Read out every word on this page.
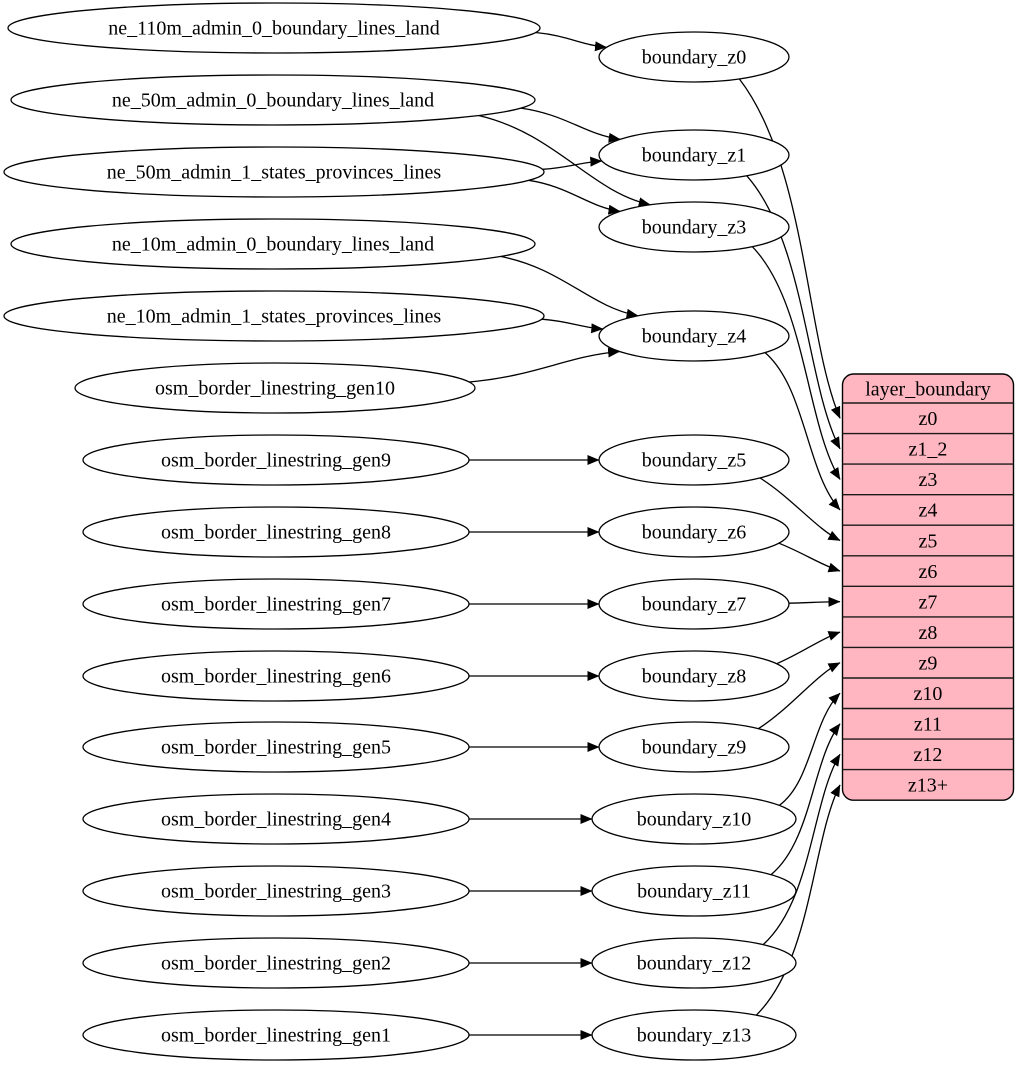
ne_110m_admin_0_boundary_lines_land
ne_50m_admin_0_boundary_lines_land
ne_50m_admin_1_states_provinces_lines
ne_10m_admin_0_boundary_lines_land
ne_10m_admin_1_states_provinces_lines
osm_border_linestring_gen10
osm_border_linestring_gen9
osm_border_linestring_gen8
osm_border_linestring_gen7
osm_border_linestring_gen6
osm_border_linestring_gen5
osm_border_linestring_gen4
osm_border_linestring_gen3
osm_border_linestring_gen2
osm_border_linestring_gen1
boundary_z0
boundary_z1
boundary_z3
boundary_z4
boundary_z5
boundary_z6
boundary_z7
boundary_z8
boundary_z9
boundary_z10
boundary_z11
boundary_z12
boundary_z13
layer_boundary
z0
z1_2
z3
z4
z5
z6
z7
z8
z9
z10
z11
z12
z13+
